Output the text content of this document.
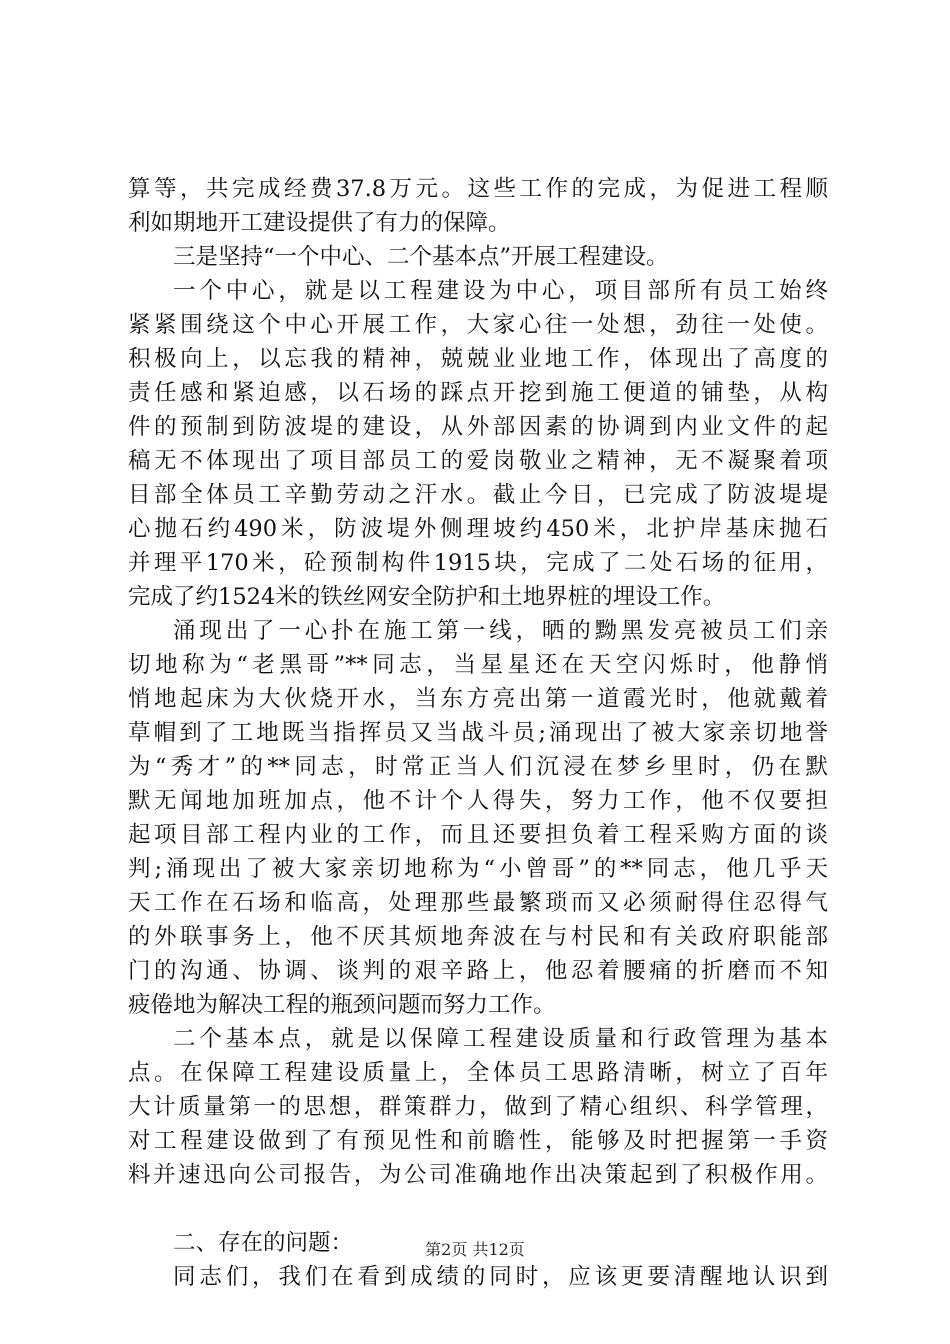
算等，共完成经费37.8万元。这些工作的完成，为促进工程顺
利如期地开工建设提供了有力的保障。
三是坚持“一个中心、二个基本点”开展工程建设。
一个中心，就是以工程建设为中心，项目部所有员工始终
紧紧围绕这个中心开展工作，大家心往一处想，劲往一处使。
积极向上，以忘我的精神，兢兢业业地工作，体现出了高度的
责任感和紧迫感，以石场的踩点开挖到施工便道的铺垫，从构
件的预制到防波堤的建设，从外部因素的协调到内业文件的起
稿无不体现出了项目部员工的爱岗敬业之精神，无不凝聚着项
目部全体员工辛勤劳动之汗水。截止今日，已完成了防波堤堤
心抛石约490米，防波堤外侧理坡约450米，北护岸基床抛石
并理平170米，砼预制构件1915块，完成了二处石场的征用，
完成了约1524米的铁丝网安全防护和土地界桩的埋设工作。
涌现出了一心扑在施工第一线，晒的黝黑发亮被员工们亲
切地称为“老黑哥”**同志，当星星还在天空闪烁时，他静悄
悄地起床为大伙烧开水，当东方亮出第一道霞光时，他就戴着
草帽到了工地既当指挥员又当战斗员;涌现出了被大家亲切地誉
为“秀才”的**同志，时常正当人们沉浸在梦乡里时，仍在默
默无闻地加班加点，他不计个人得失，努力工作，他不仅要担
起项目部工程内业的工作，而且还要担负着工程采购方面的谈
判;涌现出了被大家亲切地称为“小曾哥”的**同志，他几乎天
天工作在石场和临高，处理那些最繁琐而又必须耐得住忍得气
的外联事务上，他不厌其烦地奔波在与村民和有关政府职能部
门的沟通、协调、谈判的艰辛路上，他忍着腰痛的折磨而不知
疲倦地为解决工程的瓶颈问题而努力工作。
二个基本点，就是以保障工程建设质量和行政管理为基本
点。在保障工程建设质量上，全体员工思路清晰，树立了百年
大计质量第一的思想，群策群力，做到了精心组织、科学管理，
对工程建设做到了有预见性和前瞻性，能够及时把握第一手资
料并速迅向公司报告，为公司准确地作出决策起到了积极作用。
二、存在的问题：
同志们，我们在看到成绩的同时，应该更要清醒地认识到
第2页 共12页
